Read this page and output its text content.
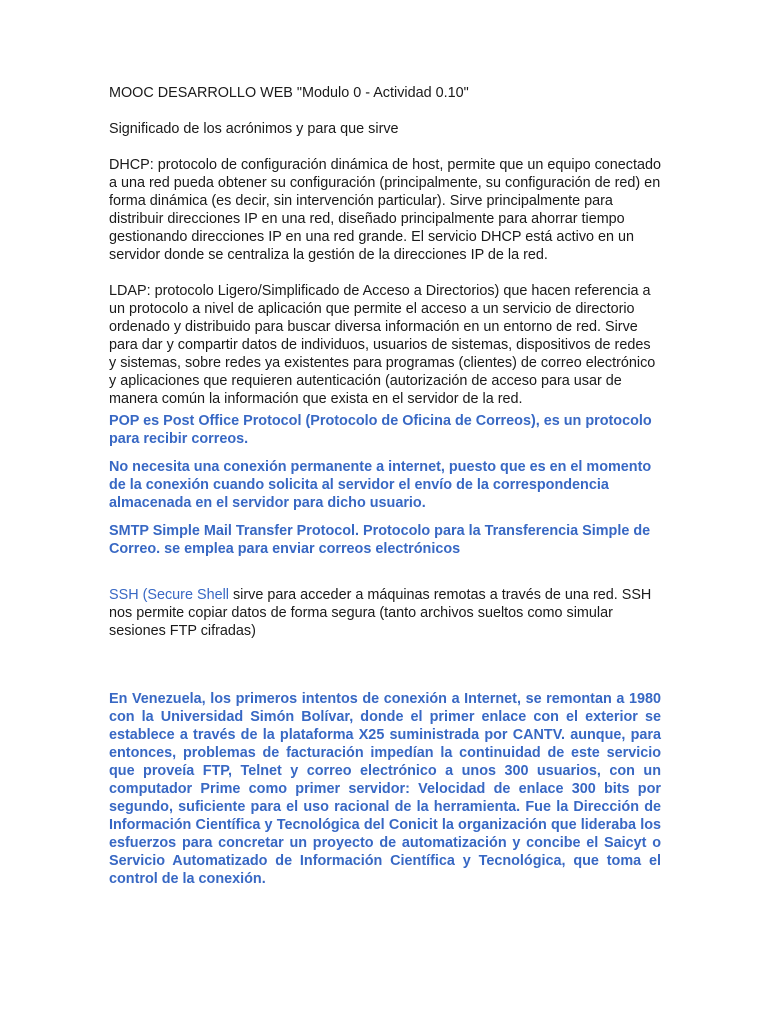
MOOC DESARROLLO WEB "Modulo 0 - Actividad 0.10"

Significado de los acrónimos y para que sirve

DHCP: protocolo de configuración dinámica de host, permite que un equipo conectado a una red pueda obtener su configuración (principalmente, su configuración de red) en forma dinámica (es decir, sin intervención particular). Sirve principalmente para distribuir direcciones IP en una red, diseñado principalmente para ahorrar tiempo gestionando direcciones IP en una red grande. El servicio DHCP está activo en un servidor donde se centraliza la gestión de la direcciones IP de la red.

LDAP: protocolo Ligero/Simplificado de Acceso a Directorios) que hacen referencia a un protocolo a nivel de aplicación que permite el acceso a un servicio de directorio ordenado y distribuido para buscar diversa información en un entorno de red. Sirve para dar y compartir datos de individuos, usuarios de sistemas, dispositivos de redes y sistemas, sobre redes ya existentes para programas (clientes) de correo electrónico y aplicaciones que requieren autenticación (autorización de acceso para usar de manera común la información que exista en el servidor de la red.

POP es Post Office Protocol (Protocolo de Oficina de Correos), es un protocolo para recibir correos.

No necesita una conexión permanente a internet, puesto que es en el momento de la conexión cuando solicita al servidor el envío de la correspondencia almacenada en el servidor para dicho usuario.

SMTP Simple Mail Transfer Protocol. Protocolo para la Transferencia Simple de Correo. se emplea para enviar correos electrónicos

SSH (Secure Shell sirve para acceder a máquinas remotas a través de una red. SSH nos permite copiar datos de forma segura (tanto archivos sueltos como simular sesiones FTP cifradas)

En Venezuela, los primeros intentos de conexión a Internet, se remontan a 1980 con la Universidad Simón Bolívar, donde el primer enlace con el exterior se establece a través de la plataforma X25 suministrada por CANTV. aunque, para entonces, problemas de facturación impedían la continuidad de este servicio que proveía FTP, Telnet y correo electrónico a unos 300 usuarios, con un computador Prime como primer servidor: Velocidad de enlace 300 bits por segundo, suficiente para el uso racional de la herramienta. Fue la Dirección de Información Científica y Tecnológica del Conicit la organización que lideraba los esfuerzos para concretar un proyecto de automatización y concibe el Saicyt o Servicio Automatizado de Información Científica y Tecnológica, que toma el control de la conexión.
